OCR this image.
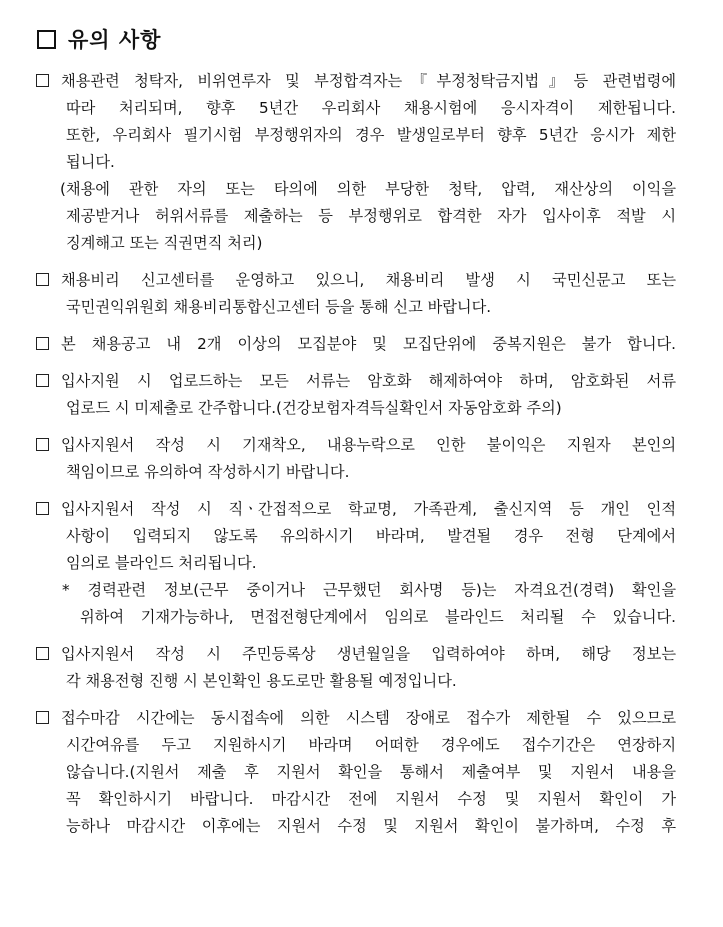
유의 사항
채용관련 청탁자, 비위연루자 및 부정합격자는『부정청탁금지법』등 관련법령에
따라 처리되며, 향후 5년간 우리회사 채용시험에 응시자격이 제한됩니다.
또한, 우리회사 필기시험 부정행위자의 경우 발생일로부터 향후 5년간 응시가 제한
됩니다.
(채용에 관한 자의 또는 타의에 의한 부당한 청탁, 압력, 재산상의 이익을
제공받거나 허위서류를 제출하는 등 부정행위로 합격한 자가 입사이후 적발 시
징계해고 또는 직권면직 처리)
채용비리 신고센터를 운영하고 있으니, 채용비리 발생 시 국민신문고 또는
국민권익위원회 채용비리통합신고센터 등을 통해 신고 바랍니다.
본 채용공고 내 2개 이상의 모집분야 및 모집단위에 중복지원은 불가 합니다.
입사지원 시 업로드하는 모든 서류는 암호화 해제하여야 하며, 암호화된 서류
업로드 시 미제출로 간주합니다.(건강보험자격득실확인서 자동암호화 주의)
입사지원서 작성 시 기재착오, 내용누락으로 인한 불이익은 지원자 본인의
책임이므로 유의하여 작성하시기 바랍니다.
입사지원서 작성 시 직ㆍ간접적으로 학교명, 가족관계, 출신지역 등 개인 인적
사항이 입력되지 않도록 유의하시기 바라며, 발견될 경우 전형 단계에서
임의로 블라인드 처리됩니다.
* 경력관련 정보(근무 중이거나 근무했던 회사명 등)는 자격요건(경력) 확인을
위하여 기재가능하나, 면접전형단계에서 임의로 블라인드 처리될 수 있습니다.
입사지원서 작성 시 주민등록상 생년월일을 입력하여야 하며, 해당 정보는
각 채용전형 진행 시 본인확인 용도로만 활용될 예정입니다.
접수마감 시간에는 동시접속에 의한 시스템 장애로 접수가 제한될 수 있으므로
시간여유를 두고 지원하시기 바라며 어떠한 경우에도 접수기간은 연장하지
않습니다.(지원서 제출 후 지원서 확인을 통해서 제출여부 및 지원서 내용을
꼭 확인하시기 바랍니다. 마감시간 전에 지원서 수정 및 지원서 확인이 가
능하나 마감시간 이후에는 지원서 수정 및 지원서 확인이 불가하며, 수정 후
